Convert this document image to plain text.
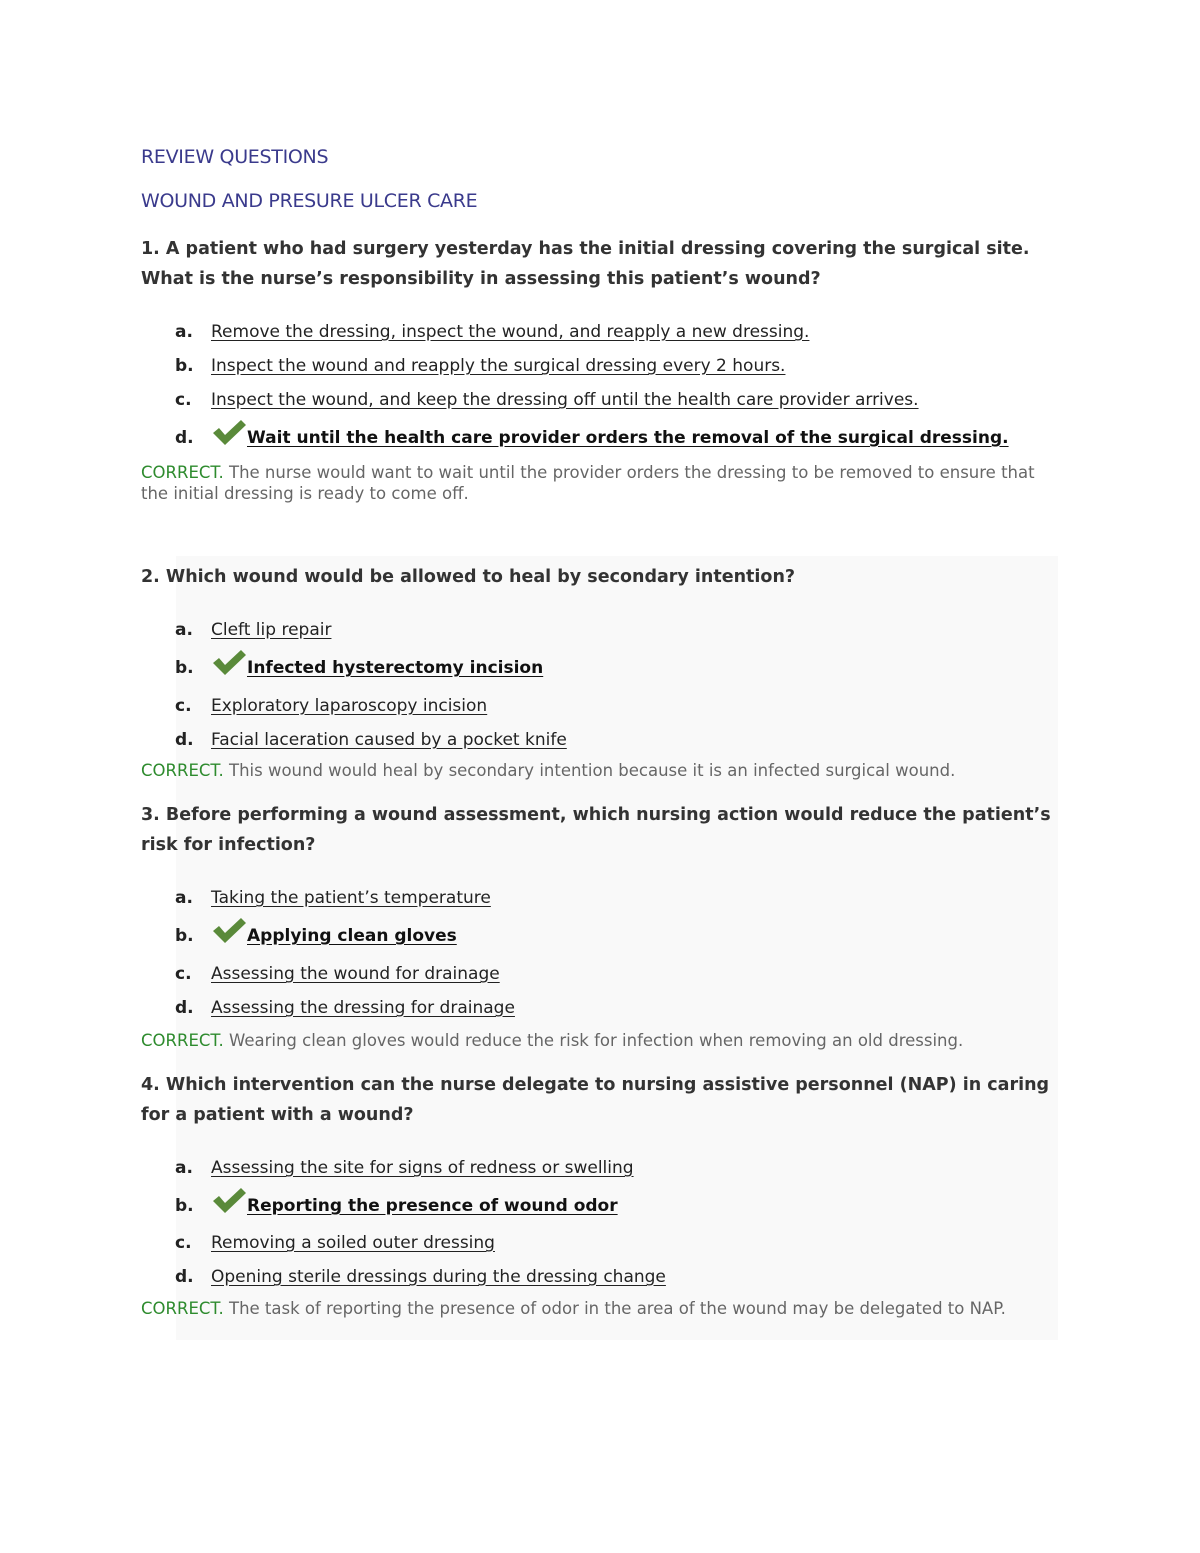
REVIEW QUESTIONS
WOUND AND PRESURE ULCER CARE
1. A patient who had surgery yesterday has the initial dressing covering the surgical site. What is the nurse’s responsibility in assessing this patient’s wound?
a. Remove the dressing, inspect the wound, and reapply a new dressing.
b. Inspect the wound and reapply the surgical dressing every 2 hours.
c. Inspect the wound, and keep the dressing off until the health care provider arrives.
d.	Wait until the health care provider orders the removal of the surgical dressing.
CORRECT. The nurse would want to wait until the provider orders the dressing to be removed to ensure that the initial dressing is ready to come off.
2. Which wound would be allowed to heal by secondary intention?
a. Cleft lip repair
b.	Infected hysterectomy incision
c. Exploratory laparoscopy incision
d. Facial laceration caused by a pocket knife
CORRECT. This wound would heal by secondary intention because it is an infected surgical wound.
3. Before performing a wound assessment, which nursing action would reduce the patient’s risk for infection?
a. Taking the patient’s temperature
b.	Applying clean gloves
c. Assessing the wound for drainage
d. Assessing the dressing for drainage
CORRECT. Wearing clean gloves would reduce the risk for infection when removing an old dressing.
4. Which intervention can the nurse delegate to nursing assistive personnel (NAP) in caring for a patient with a wound?
a. Assessing the site for signs of redness or swelling
b.	Reporting the presence of wound odor
c. Removing a soiled outer dressing
d. Opening sterile dressings during the dressing change
CORRECT. The task of reporting the presence of odor in the area of the wound may be delegated to NAP.
